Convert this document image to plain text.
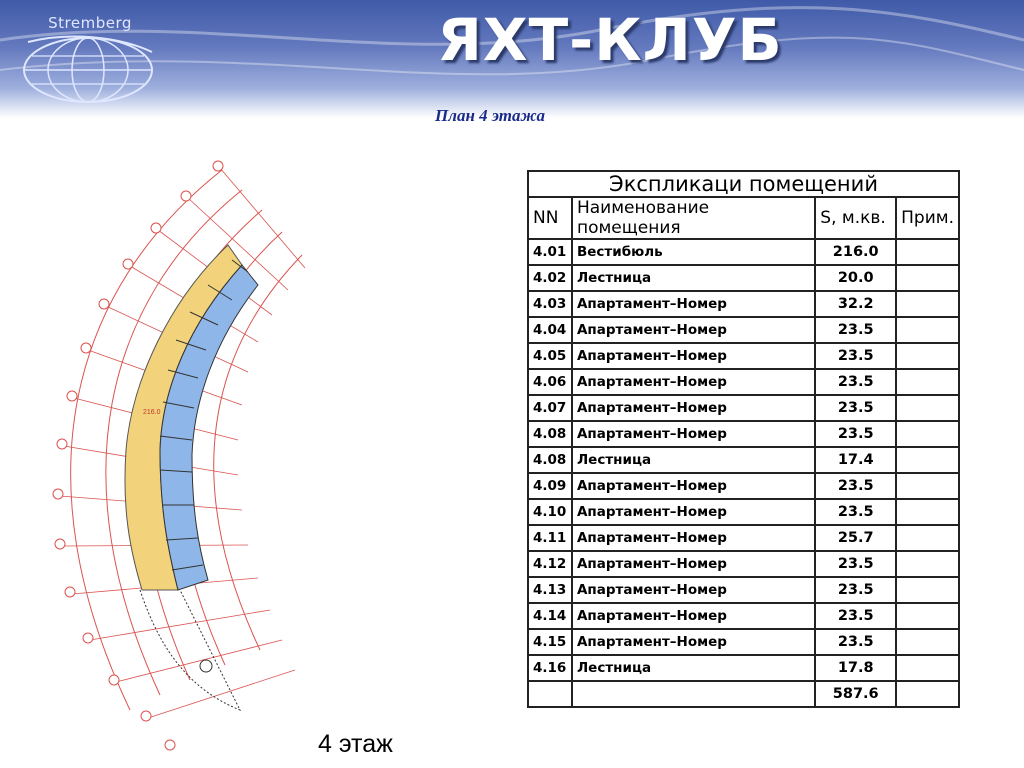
Stremberg	ЯХТ-КЛУБ
План 4 этажа
216.0
4 этаж
Экспликаци помещений			
NN	Наименование помещения	S, м.кв.	Прим.
4.01	Вестибюль	216.0	
4.02	Лестница	20.0	
4.03	Апартамент–Номер	32.2	
4.04	Апартамент–Номер	23.5	
4.05	Апартамент–Номер	23.5	
4.06	Апартамент–Номер	23.5	
4.07	Апартамент–Номер	23.5	
4.08	Апартамент–Номер	23.5	
4.08	Лестница	17.4	
4.09	Апартамент–Номер	23.5	
4.10	Апартамент–Номер	23.5	
4.11	Апартамент–Номер	25.7	
4.12	Апартамент–Номер	23.5	
4.13	Апартамент–Номер	23.5	
4.14	Апартамент–Номер	23.5	
4.15	Апартамент–Номер	23.5	
4.16	Лестница	17.8	
		587.6	
